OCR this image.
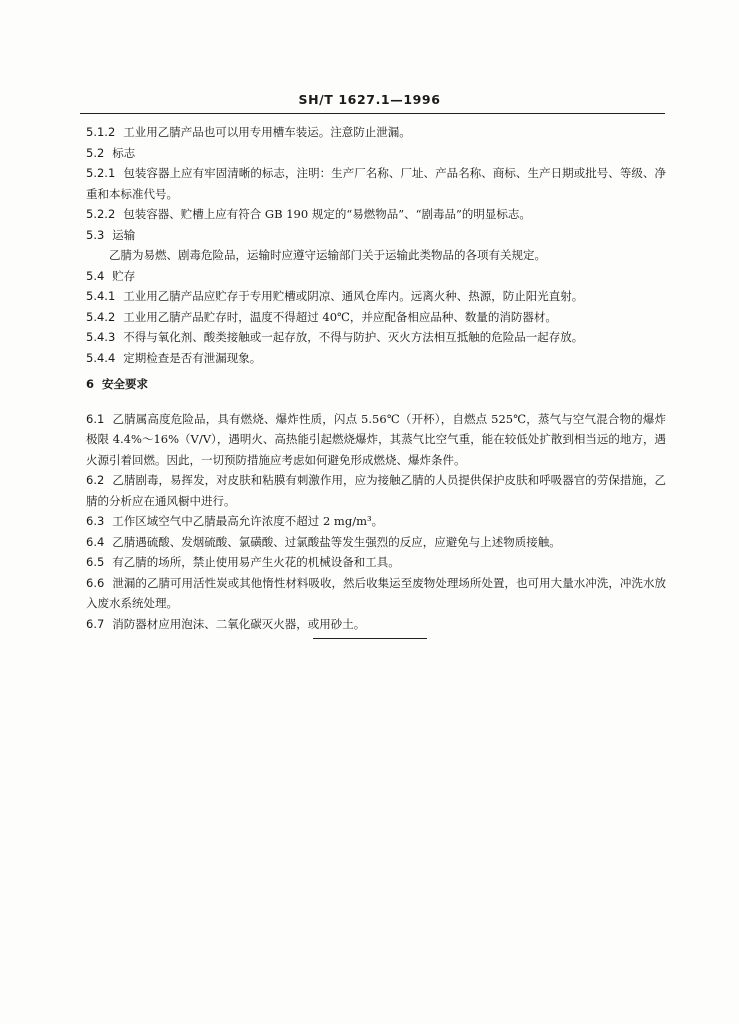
SH/T 1627.1—1996

5.1.2 工业用乙腈产品也可以用专用槽车装运。注意防止泄漏。

5.2 标志

5.2.1 包装容器上应有牢固清晰的标志，注明：生产厂名称、厂址、产品名称、商标、生产日期或批号、等级、净重和本标准代号。

5.2.2 包装容器、贮槽上应有符合 GB 190 规定的“易燃物品”、“剧毒品”的明显标志。

5.3 运输

乙腈为易燃、剧毒危险品，运输时应遵守运输部门关于运输此类物品的各项有关规定。

5.4 贮存

5.4.1 工业用乙腈产品应贮存于专用贮槽或阴凉、通风仓库内。远离火种、热源，防止阳光直射。

5.4.2 工业用乙腈产品贮存时，温度不得超过 40℃，并应配备相应品种、数量的消防器材。

5.4.3 不得与氧化剂、酸类接触或一起存放，不得与防护、灭火方法相互抵触的危险品一起存放。

5.4.4 定期检查是否有泄漏现象。

6 安全要求

6.1 乙腈属高度危险品，具有燃烧、爆炸性质，闪点 5.56℃（开杯），自燃点 525℃，蒸气与空气混合物的爆炸极限 4.4%～16%（V/V），遇明火、高热能引起燃烧爆炸，其蒸气比空气重，能在较低处扩散到相当远的地方，遇火源引着回燃。因此，一切预防措施应考虑如何避免形成燃烧、爆炸条件。

6.2 乙腈剧毒，易挥发，对皮肤和粘膜有刺激作用，应为接触乙腈的人员提供保护皮肤和呼吸器官的劳保措施，乙腈的分析应在通风橱中进行。

6.3 工作区域空气中乙腈最高允许浓度不超过 2 mg/m³。

6.4 乙腈遇硫酸、发烟硫酸、氯磺酸、过氯酸盐等发生强烈的反应，应避免与上述物质接触。

6.5 有乙腈的场所，禁止使用易产生火花的机械设备和工具。

6.6 泄漏的乙腈可用活性炭或其他惰性材料吸收，然后收集运至废物处理场所处置，也可用大量水冲洗，冲洗水放入废水系统处理。

6.7 消防器材应用泡沫、二氧化碳灭火器，或用砂土。
